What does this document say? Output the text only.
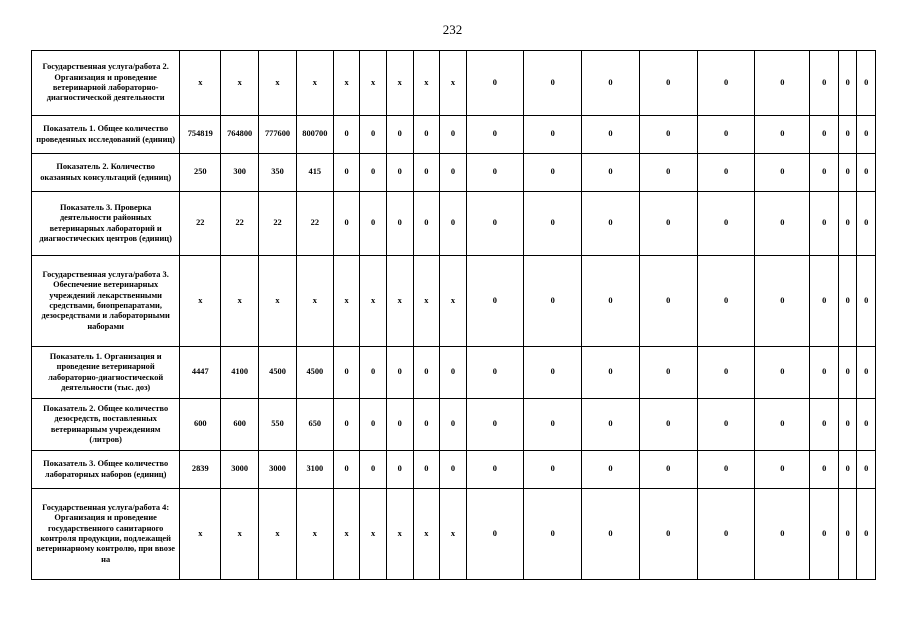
232
Государственная услуга/работа 2. Организация и проведение ветеринарной лабораторно-диагностической деятельности	x	x	x	x	x	x	x	x	x	0	0	0	0	0	0	0	0	0
Показатель 1. Общее количество проведенных исследований (единиц)	754819	764800	777600	800700	0	0	0	0	0	0	0	0	0	0	0	0	0	0
Показатель 2. Количество оказанных консультаций (единиц)	250	300	350	415	0	0	0	0	0	0	0	0	0	0	0	0	0	0
Показатель 3. Проверка деятельности районных ветеринарных лабораторий и диагностических центров (единиц)	22	22	22	22	0	0	0	0	0	0	0	0	0	0	0	0	0	0
Государственная услуга/работа 3. Обеспечение ветеринарных учреждений лекарственными средствами, биопрепаратами, дезосредствами и лабораторными наборами	x	x	x	x	x	x	x	x	x	0	0	0	0	0	0	0	0	0
Показатель 1. Организация и проведение ветеринарной лабораторно-диагностической деятельности (тыс. доз)	4447	4100	4500	4500	0	0	0	0	0	0	0	0	0	0	0	0	0	0
Показатель 2. Общее количество дезосредств, поставленных ветеринарным учреждениям (литров)	600	600	550	650	0	0	0	0	0	0	0	0	0	0	0	0	0	0
Показатель 3. Общее количество лабораторных наборов (единиц)	2839	3000	3000	3100	0	0	0	0	0	0	0	0	0	0	0	0	0	0
Государственная услуга/работа 4: Организация и проведение государственного санитарного контроля продукции, подлежащей ветеринарному контролю, при ввозе на	x	x	x	x	x	x	x	x	x	0	0	0	0	0	0	0	0	0
